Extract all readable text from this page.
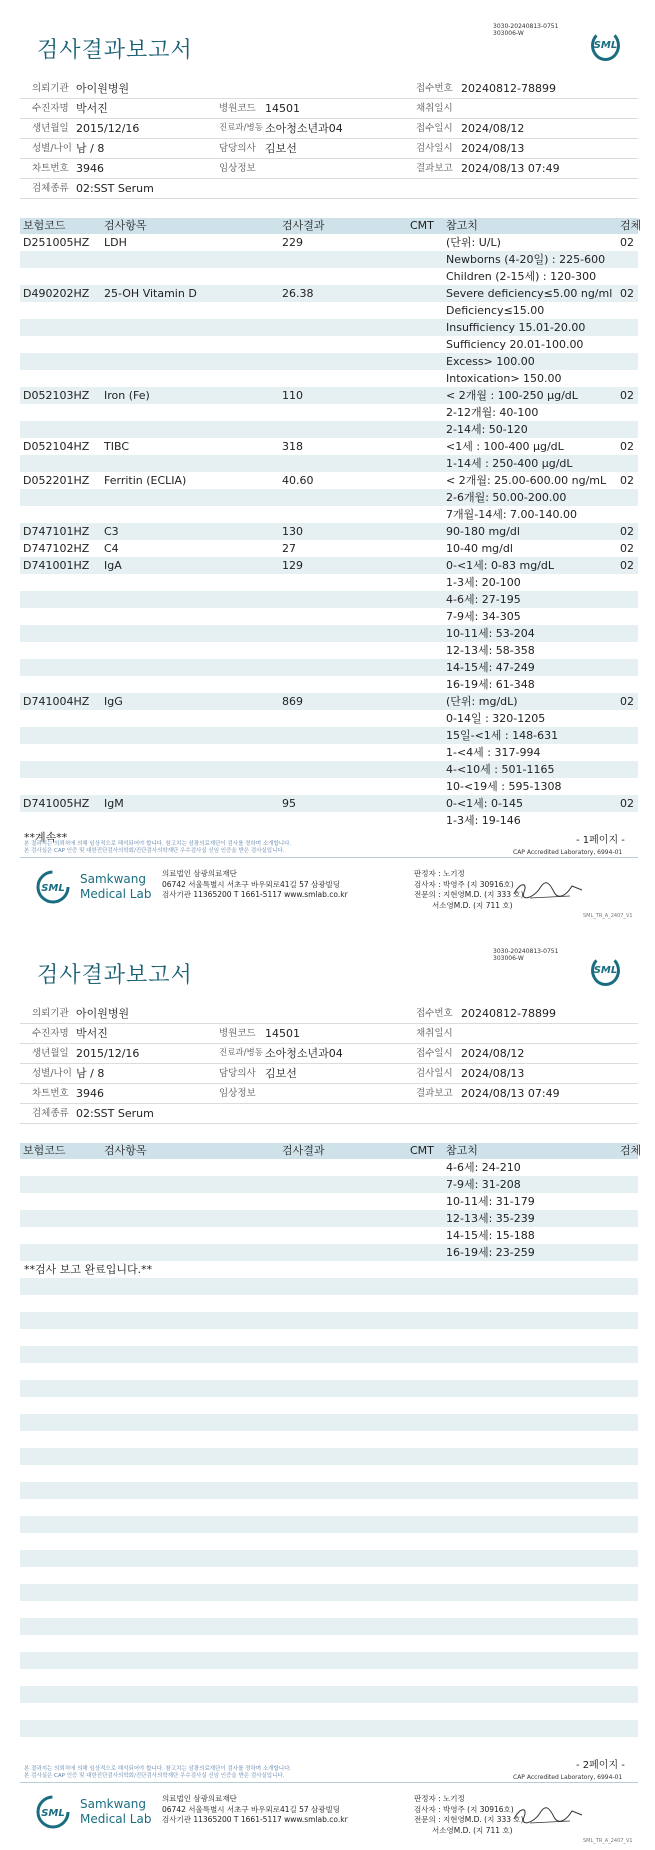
3030-20240813-0751
303006-W
검사결과보고서	SML
의뢰기관 아이원병원	접수번호 20240812-78899
수진자명 박서진	병원코드 14501	채취일시
생년월일 2015/12/16	진료과/병동 소아청소년과04	접수일시 2024/08/12
성별/나이 남 / 8	담당의사 김보선	검사일시 2024/08/13
차트번호 3946	임상정보	결과보고 2024/08/13 07:49
검체종류 02:SST Serum
보험코드	검사항목	검사결과	CMT 참고치	검체
D251005HZ LDH	229	(단위: U/L)	02
Newborns (4-20일) : 225-600
Children (2-15세) : 120-300
D490202HZ 25-OH Vitamin D	26.38	Severe deficiency≤5.00 ng/ml 02
Deficiency≤15.00
Insufficiency 15.01-20.00
Sufficiency 20.01-100.00
Excess> 100.00
Intoxication> 150.00
D052103HZ Iron (Fe)	110	< 2개월 : 100-250 μg/dL	02
2-12개월: 40-100
2-14세: 50-120
D052104HZ TIBC	318	<1세 : 100-400 μg/dL	02
1-14세 : 250-400 μg/dL
D052201HZ Ferritin (ECLIA)	40.60	< 2개월: 25.00-600.00 ng/mL 02
2-6개월: 50.00-200.00
7개월-14세: 7.00-140.00
D747101HZ C3	130	90-180 mg/dl	02
D747102HZ C4	27	10-40 mg/dl	02
D741001HZ IgA	129	0-<1세: 0-83 mg/dL	02
1-3세: 20-100
4-6세: 27-195
7-9세: 34-305
10-11세: 53-204
12-13세: 58-358
14-15세: 47-249
16-19세: 61-348
D741004HZ IgG	869	(단위: mg/dL)	02
0-14일 : 320-1205
15일-<1세 : 148-631
1-<4세 : 317-994
4-<10세 : 501-1165
10-<19세 : 595-1308
D741005HZ IgM	95	0-<1세: 0-145	02
1-3세: 19-146
**계속**	- 1페이지 -
본 결과지는 의뢰처에 의해 임상적으로 해석되어야 합니다. 참고치는 삼광의료재단이 검사를 정하며 소개합니다.
본 검사실은 CAP 인증 및 대한진단검사의학회/진단검사의학재단 우수검사실 신임 인증을 받은 검사실입니다.	CAP Accredited Laboratory, 6994-01
SML
Samkwang
Medical Lab
의료법인 삼광의료재단
06742 서울특별시 서초구 바우뫼로41길 57 삼광빌딩
검사기관 11365200 T 1661-5117 www.smlab.co.kr
판정자 : 노기정
검사자 : 박영주 (지 30916호)
전문의 : 지현영M.D. (지 333 호)
서소영M.D. (지 711 호)
SML_TR_A_2407_V1
3030-20240813-0751
303006-W
검사결과보고서	SML
의뢰기관 아이원병원	접수번호 20240812-78899
수진자명 박서진	병원코드 14501	채취일시
생년월일 2015/12/16	진료과/병동 소아청소년과04	접수일시 2024/08/12
성별/나이 남 / 8	담당의사 김보선	검사일시 2024/08/13
차트번호 3946	임상정보	결과보고 2024/08/13 07:49
검체종류 02:SST Serum
보험코드	검사항목	검사결과	CMT 참고치	검체
4-6세: 24-210
7-9세: 31-208
10-11세: 31-179
12-13세: 35-239
14-15세: 15-188
16-19세: 23-259
**검사 보고 완료입니다.**
- 2페이지 -
본 결과지는 의뢰처에 의해 임상적으로 해석되어야 합니다. 참고치는 삼광의료재단이 검사를 정하며 소개합니다.
본 검사실은 CAP 인증 및 대한진단검사의학회/진단검사의학재단 우수검사실 신임 인증을 받은 검사실입니다.	CAP Accredited Laboratory, 6994-01
SML
Samkwang
Medical Lab
의료법인 삼광의료재단
06742 서울특별시 서초구 바우뫼로41길 57 삼광빌딩
검사기관 11365200 T 1661-5117 www.smlab.co.kr
판정자 : 노기정
검사자 : 박영주 (지 30916호)
전문의 : 지현영M.D. (지 333 호)
서소영M.D. (지 711 호)
SML_TR_A_2407_V1
